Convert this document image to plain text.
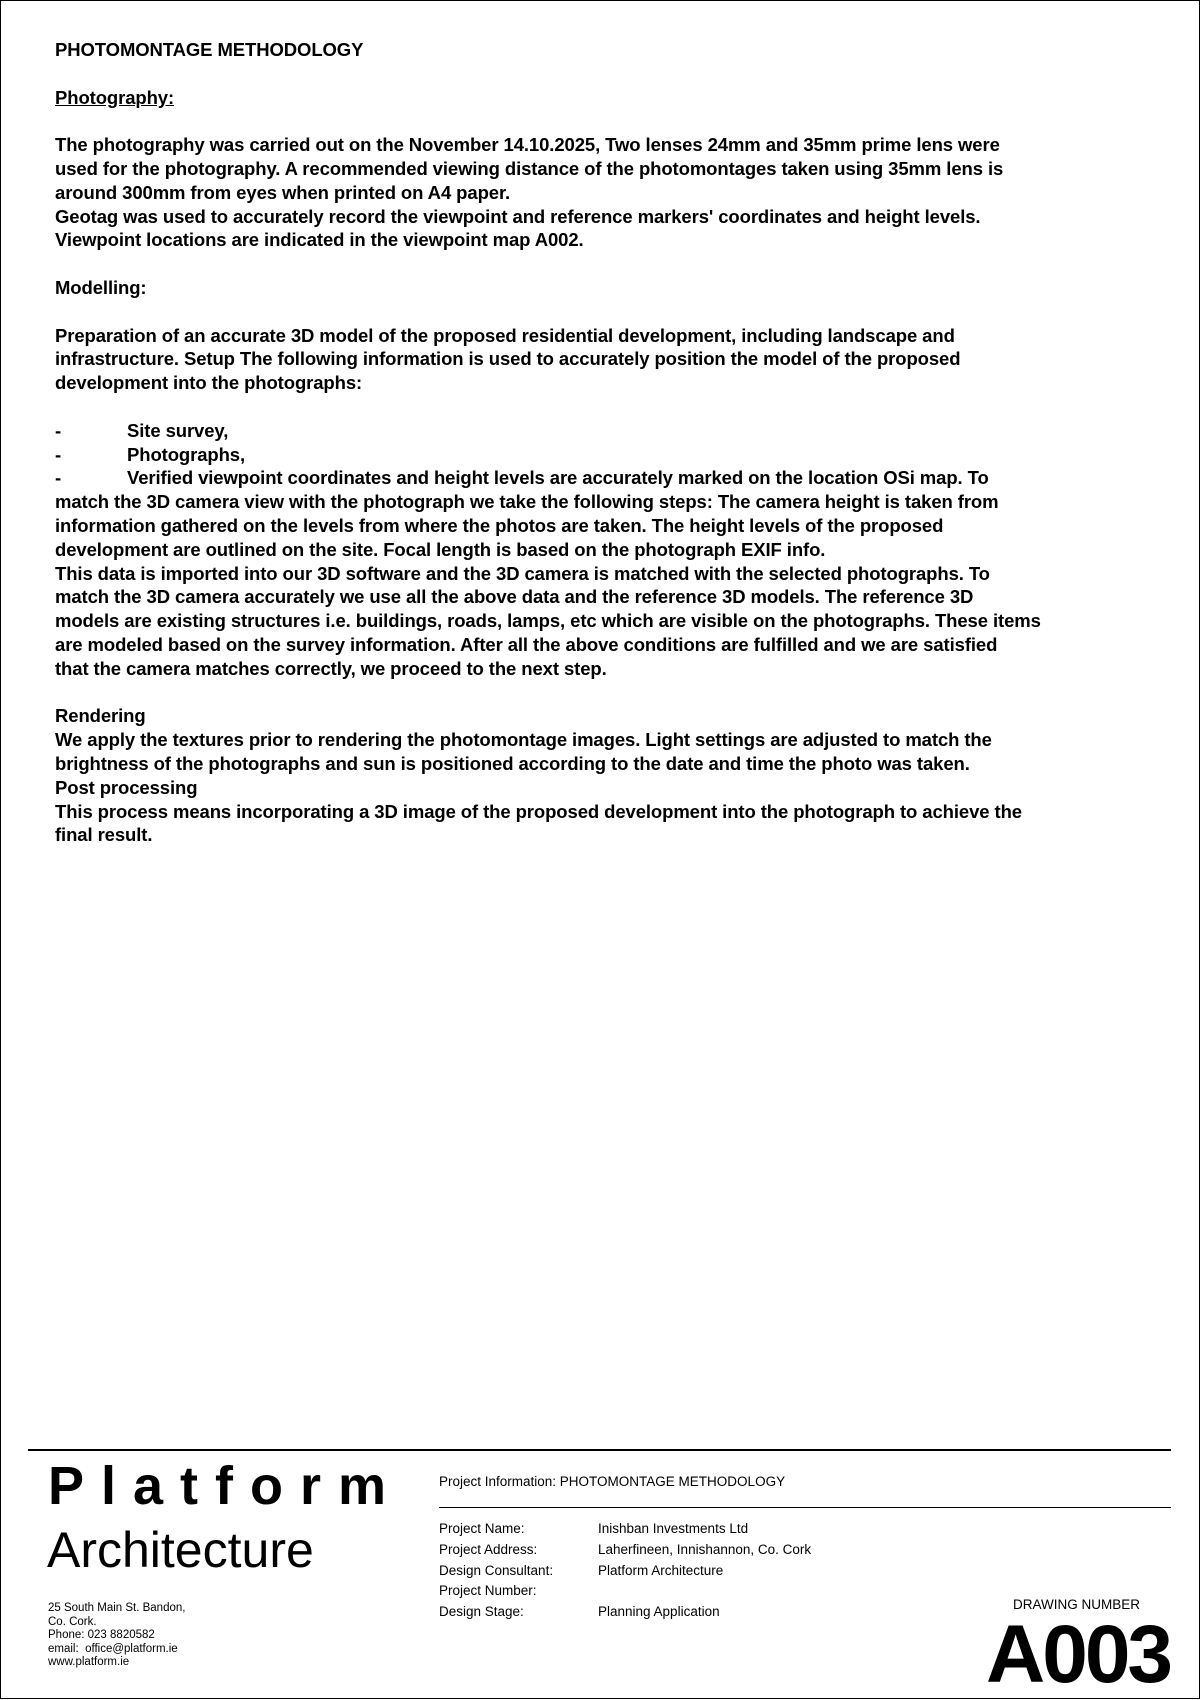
PHOTOMONTAGE METHODOLOGY
Photography:
The photography was carried out on the November 14.10.2025, Two lenses 24mm and 35mm prime lens were
used for the photography. A recommended viewing distance of the photomontages taken using 35mm lens is
around 300mm from eyes when printed on A4 paper.
Geotag was used to accurately record the viewpoint and reference markers' coordinates and height levels.
Viewpoint locations are indicated in the viewpoint map A002.
Modelling:
Preparation of an accurate 3D model of the proposed residential development, including landscape and
infrastructure. Setup The following information is used to accurately position the model of the proposed
development into the photographs:
-	Site survey,
-	Photographs,
-	Verified viewpoint coordinates and height levels are accurately marked on the location OSi map. To
match the 3D camera view with the photograph we take the following steps: The camera height is taken from
information gathered on the levels from where the photos are taken. The height levels of the proposed
development are outlined on the site. Focal length is based on the photograph EXIF info.
This data is imported into our 3D software and the 3D camera is matched with the selected photographs. To
match the 3D camera accurately we use all the above data and the reference 3D models. The reference 3D
models are existing structures i.e. buildings, roads, lamps, etc which are visible on the photographs. These items
are modeled based on the survey information. After all the above conditions are fulfilled and we are satisfied
that the camera matches correctly, we proceed to the next step.
Rendering
We apply the textures prior to rendering the photomontage images. Light settings are adjusted to match the
brightness of the photographs and sun is positioned according to the date and time the photo was taken.
Post processing
This process means incorporating a 3D image of the proposed development into the photograph to achieve the
final result.
Platform
Architecture
25 South Main St. Bandon,
Co. Cork.
Phone: 023 8820582
email:  office@platform.ie
www.platform.ie
Project Information: PHOTOMONTAGE METHODOLOGY
Project Name:	Inishban Investments Ltd
Project Address:	Laherfineen, Innishannon, Co. Cork
Design Consultant:	Platform Architecture
Project Number:
Design Stage:	Planning Application	DRAWING NUMBER
A003
